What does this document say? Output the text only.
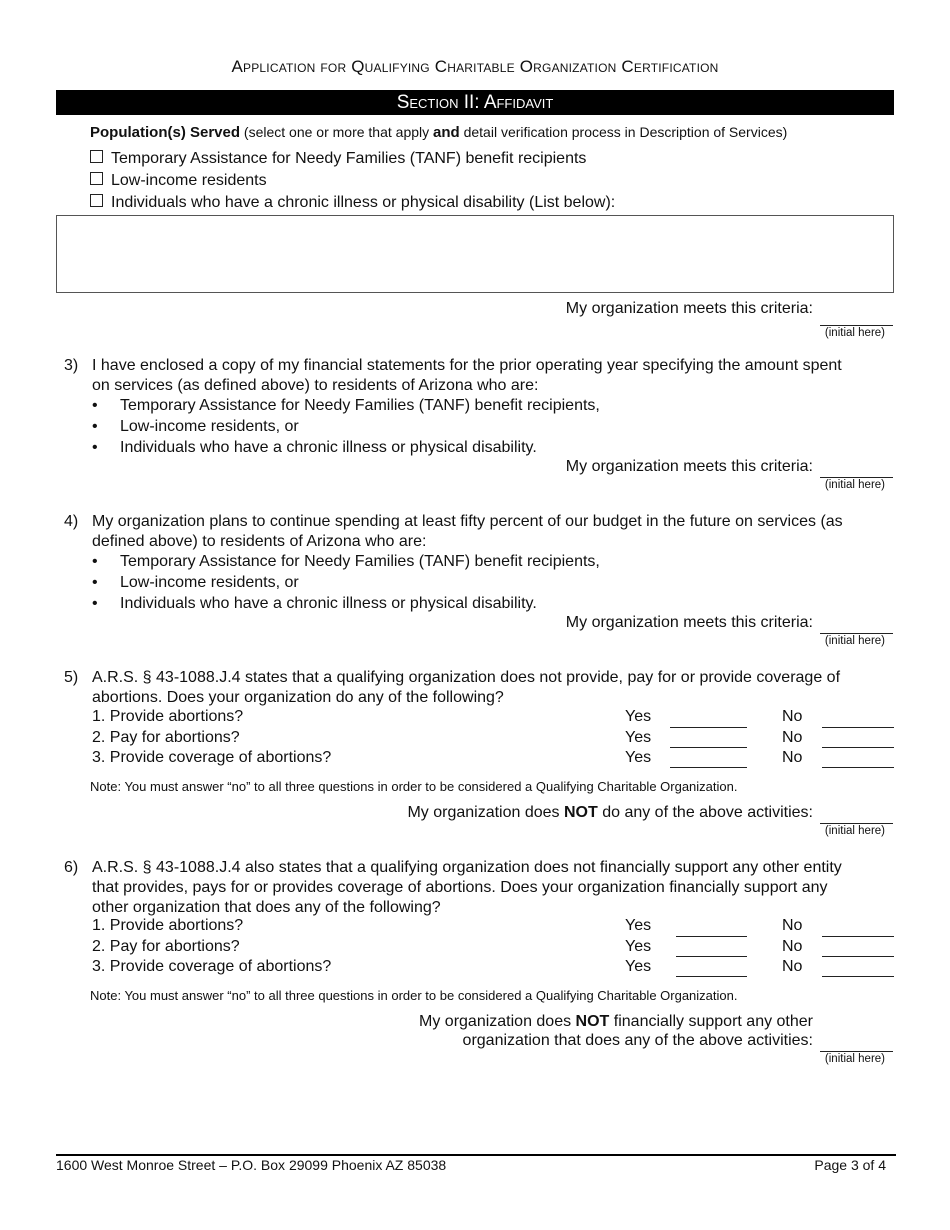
Application for Qualifying Charitable Organization Certification
Section II: Affidavit
Population(s) Served (select one or more that apply and detail verification process in Description of Services)
Temporary Assistance for Needy Families (TANF) benefit recipients
Low-income residents
Individuals who have a chronic illness or physical disability (List below):
My organization meets this criteria:
(initial here)
3) I have enclosed a copy of my financial statements for the prior operating year specifying the amount spent
on services (as defined above) to residents of Arizona who are:
• Temporary Assistance for Needy Families (TANF) benefit recipients,
• Low-income residents, or
• Individuals who have a chronic illness or physical disability.
My organization meets this criteria:
(initial here)
4) My organization plans to continue spending at least fifty percent of our budget in the future on services (as
defined above) to residents of Arizona who are:
• Temporary Assistance for Needy Families (TANF) benefit recipients,
• Low-income residents, or
• Individuals who have a chronic illness or physical disability.
My organization meets this criteria:
(initial here)
5) A.R.S. § 43-1088.J.4 states that a qualifying organization does not provide, pay for or provide coverage of
abortions. Does your organization do any of the following?
1. Provide abortions?	Yes	No
2. Pay for abortions?	Yes	No
3. Provide coverage of abortions?	Yes	No
Note: You must answer “no” to all three questions in order to be considered a Qualifying Charitable Organization.
My organization does NOT do any of the above activities:
(initial here)
6) A.R.S. § 43-1088.J.4 also states that a qualifying organization does not financially support any other entity
that provides, pays for or provides coverage of abortions. Does your organization financially support any
other organization that does any of the following?
1. Provide abortions?	Yes	No
2. Pay for abortions?	Yes	No
3. Provide coverage of abortions?	Yes	No
Note: You must answer “no” to all three questions in order to be considered a Qualifying Charitable Organization.
My organization does NOT financially support any other
organization that does any of the above activities:
(initial here)
1600 West Monroe Street – P.O. Box 29099 Phoenix AZ 85038	Page 3 of 4
